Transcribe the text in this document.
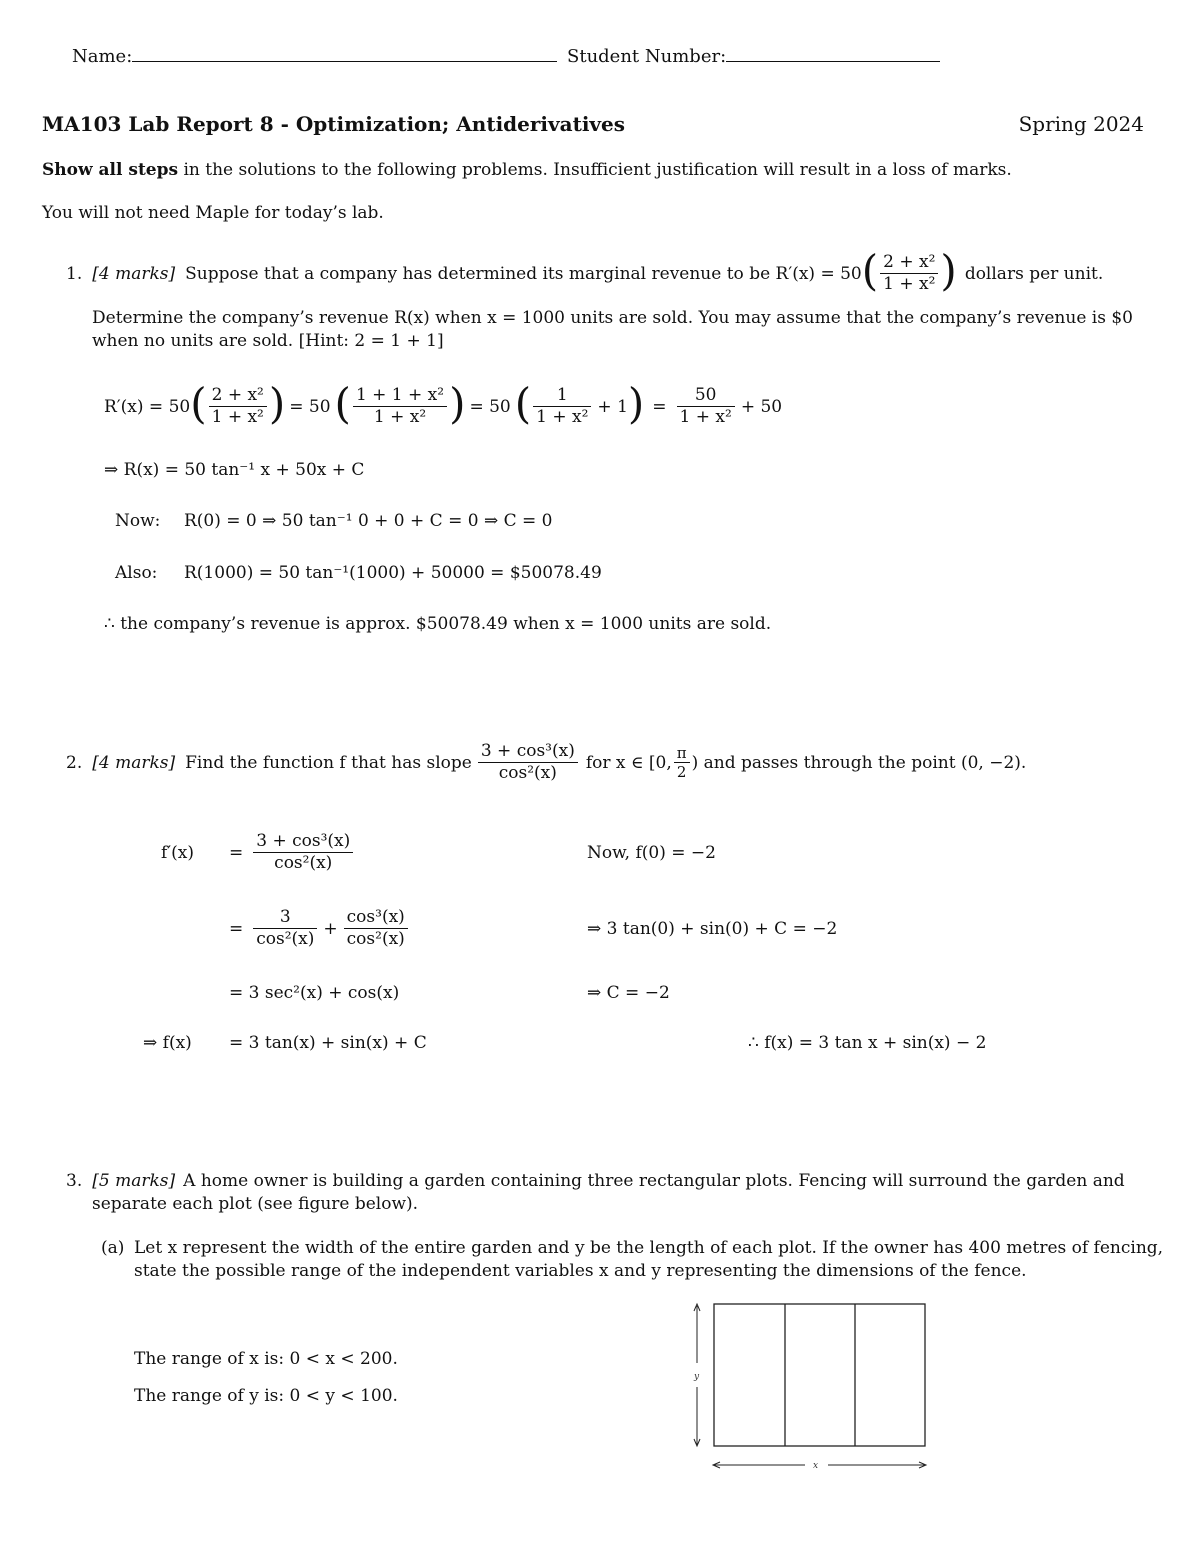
Name:	Student Number:
MA103 Lab Report 8 - Optimization; Antiderivatives	Spring 2024
Show all steps in the solutions to the following problems. Insufficient justification will result in a loss of marks.
You will not need Maple for today’s lab.
1. [4 marks] Suppose that a company has determined its marginal revenue to be R′(x) = 50 ( $\frac{\text{2 + x²}}{\text{1 + x²}}$ ) dollars per unit.
Determine the company’s revenue R(x) when x = 1000 units are sold. You may assume that the company’s revenue is $0
when no units are sold. [Hint: 2 = 1 + 1]
R′(x) = 50 ( $\frac{\text{2 + x²}}{\text{1 + x²}}$ ) = 50 ( $\frac{\text{1 + 1 + x²}}{\text{1 + x²}}$ ) = 50 ( $\frac{1}{\text{1 + x²}} + 1$ ) = $\frac{50}{\text{1 + x²}} + 50$
⇒ R(x) = 50 tan⁻¹ x + 50x + C
Now: R(0) = 0 ⇒ 50 tan⁻¹ 0 + 0 + C = 0 ⇒ C = 0
Also: R(1000) = 50 tan⁻¹(1000) + 50000 = $50078.49
∴ the company’s revenue is approx. $50078.49 when x = 1000 units are sold.
2. [4 marks] Find the function f that has slope $\frac{\text{3 + cos³(x)}}{\text{cos²(x)}}$ for x ∈ [0, $\frac{\pi}{2}$ ) and passes through the point (0, −2).
$f'(x) = \frac{\text{3 + cos³(x)}}{\text{cos²(x)}}$
= $\frac{3}{\text{cos²(x)}} + \frac{\text{cos³(x)}}{\text{cos²(x)}}$
= 3 sec²(x) + cos(x)
⇒ f(x) = 3 tan(x) + sin(x) + C
Now, f(0) = −2
⇒ 3 tan(0) + sin(0) + C = −2
⇒ C = −2
∴ f(x) = 3 tan x + sin(x) − 2
3. [5 marks] A home owner is building a garden containing three rectangular plots. Fencing will surround the garden and
separate each plot (see figure below).
(a) Let x represent the width of the entire garden and y be the length of each plot. If the owner has 400 metres of fencing,
state the possible range of the independent variables x and y representing the dimensions of the fence.
The range of x is: 0 < x < 200.
The range of y is: 0 < y < 100.
y
x
